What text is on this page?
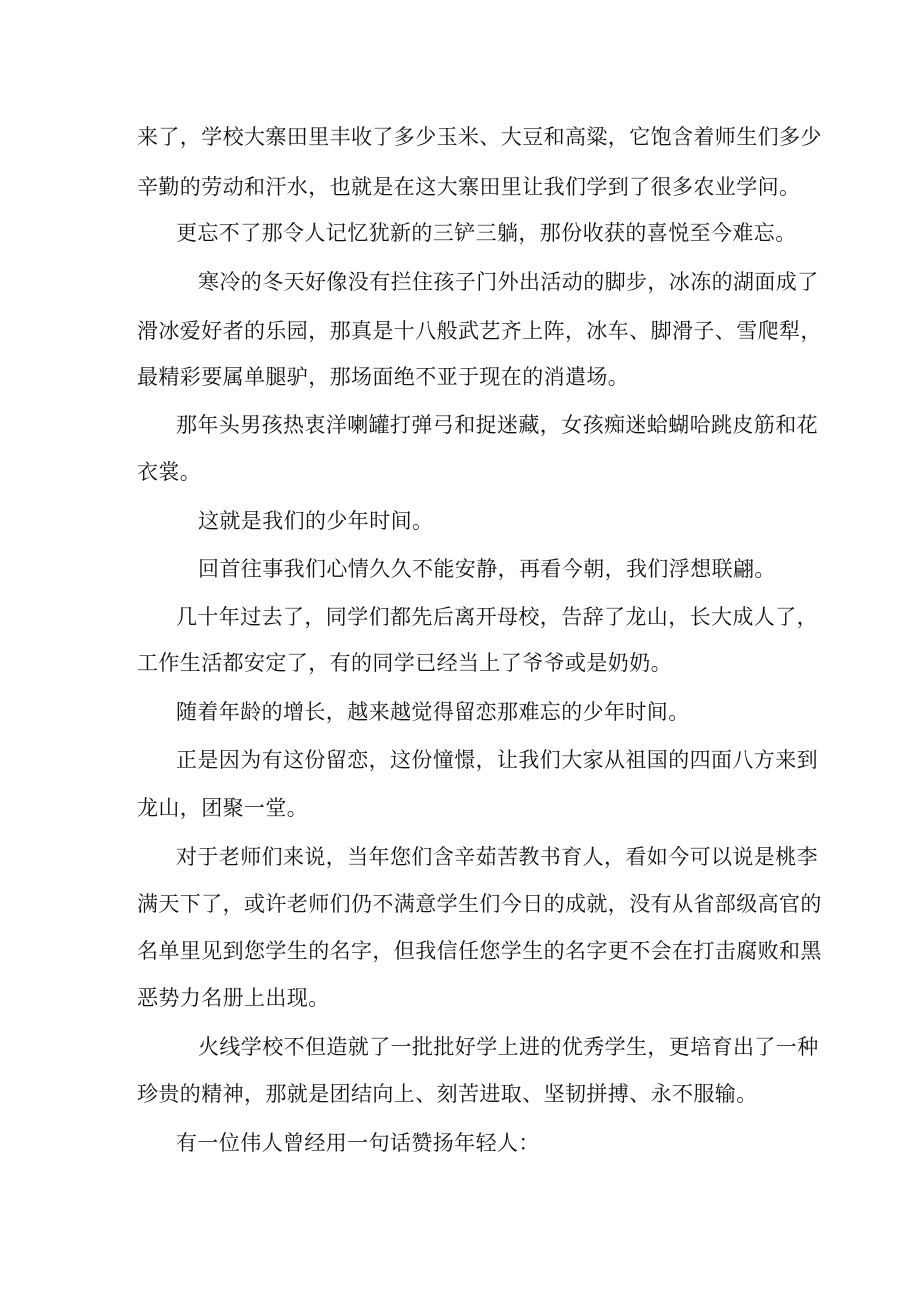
来了，学校大寨田里丰收了多少玉米、大豆和高粱，它饱含着师生们多少
辛勤的劳动和汗水，也就是在这大寨田里让我们学到了很多农业学问。
更忘不了那令人记忆犹新的三铲三躺，那份收获的喜悦至今难忘。
寒冷的冬天好像没有拦住孩子门外出活动的脚步，冰冻的湖面成了
滑冰爱好者的乐园，那真是十八般武艺齐上阵，冰车、脚滑子、雪爬犁，
最精彩要属单腿驴，那场面绝不亚于现在的消遣场。
那年头男孩热衷洋喇罐打弹弓和捉迷藏，女孩痴迷蛤蝴哈跳皮筋和花
衣裳。
这就是我们的少年时间。
回首往事我们心情久久不能安静，再看今朝，我们浮想联翩。
几十年过去了，同学们都先后离开母校，告辞了龙山，长大成人了，
工作生活都安定了，有的同学已经当上了爷爷或是奶奶。
随着年龄的增长，越来越觉得留恋那难忘的少年时间。
正是因为有这份留恋，这份憧憬，让我们大家从祖国的四面八方来到
龙山，团聚一堂。
对于老师们来说，当年您们含辛茹苦教书育人，看如今可以说是桃李
满天下了，或许老师们仍不满意学生们今日的成就，没有从省部级高官的
名单里见到您学生的名字，但我信任您学生的名字更不会在打击腐败和黑
恶势力名册上出现。
火线学校不但造就了一批批好学上进的优秀学生，更培育出了一种
珍贵的精神，那就是团结向上、刻苦进取、坚韧拼搏、永不服输。
有一位伟人曾经用一句话赞扬年轻人：
